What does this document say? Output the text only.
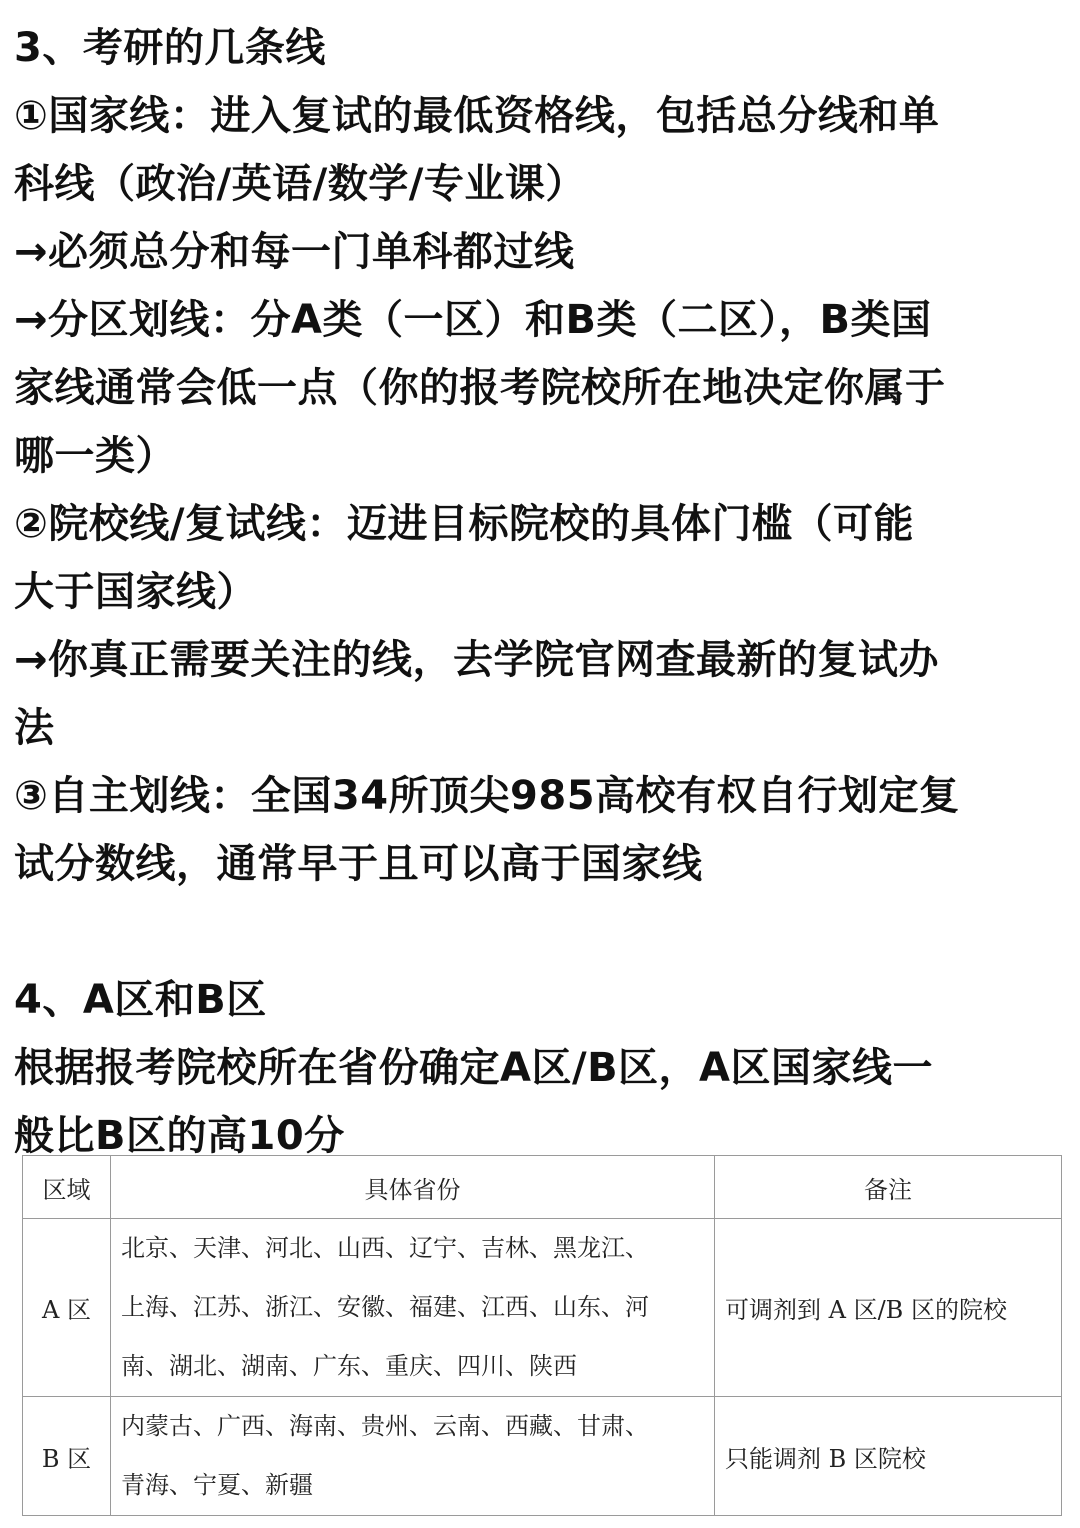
3、考研的几条线
①国家线：进入复试的最低资格线，包括总分线和单
科线（政治/英语/数学/专业课）
→必须总分和每一门单科都过线
→分区划线：分A类（一区）和B类（二区），B类国
家线通常会低一点（你的报考院校所在地决定你属于
哪一类）
②院校线/复试线：迈进目标院校的具体门槛（可能
大于国家线）
→你真正需要关注的线，去学院官网查最新的复试办
法
③自主划线：全国34所顶尖985高校有权自行划定复
试分数线，通常早于且可以高于国家线
4、A区和B区
根据报考院校所在省份确定A区/B区，A区国家线一
般比B区的高10分
区域	具体省份	备注
A 区	北京、天津、河北、山西、辽宁、吉林、黑龙江、
上海、江苏、浙江、安徽、福建、江西、山东、河
南、湖北、湖南、广东、重庆、四川、陕西	可调剂到 A 区/B 区的院校
B 区	内蒙古、广西、海南、贵州、云南、西藏、甘肃、
青海、宁夏、新疆	只能调剂 B 区院校
